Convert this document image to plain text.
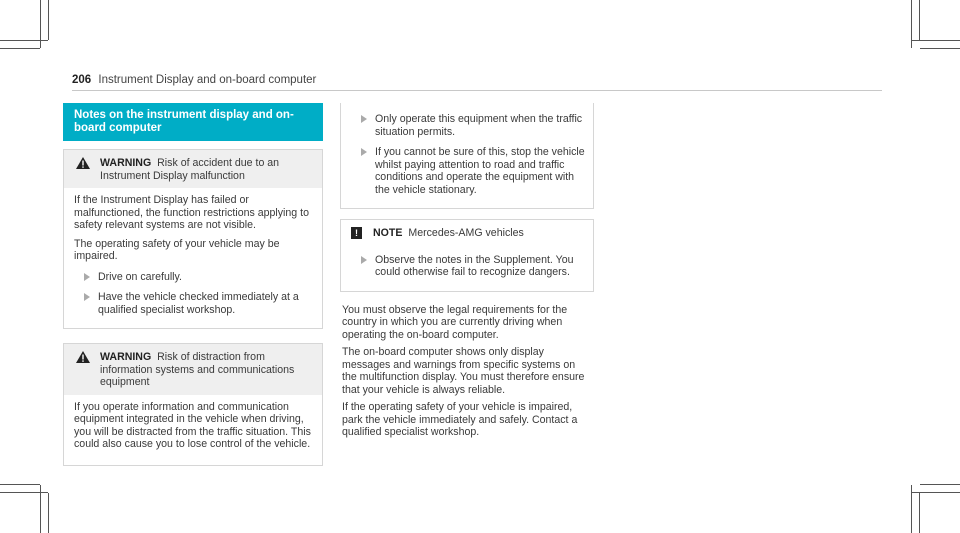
206 Instrument Display and on-board computer
Notes on the instrument display and on-board computer
WARNING Risk of accident due to an Instrument Display malfunction

If the Instrument Display has failed or malfunctioned, the function restrictions applying to safety relevant systems are not visible.

The operating safety of your vehicle may be impaired.

Drive on carefully.
Have the vehicle checked immediately at a qualified specialist workshop.
WARNING Risk of distraction from information systems and communications equipment

If you operate information and communication equipment integrated in the vehicle when driving, you will be distracted from the traffic situation. This could also cause you to lose control of the vehicle.

Only operate this equipment when the traffic situation permits.
If you cannot be sure of this, stop the vehicle whilst paying attention to road and traffic conditions and operate the equipment with the vehicle stationary.
!	NOTE Mercedes-AMG vehicles
Observe the notes in the Supplement. You could otherwise fail to recognize dangers.

You must observe the legal requirements for the country in which you are currently driving when operating the on-board computer.

The on-board computer shows only display messages and warnings from specific systems on the multifunction display. You must therefore ensure that your vehicle is always reliable.

If the operating safety of your vehicle is impaired, park the vehicle immediately and safely. Contact a qualified specialist workshop.
